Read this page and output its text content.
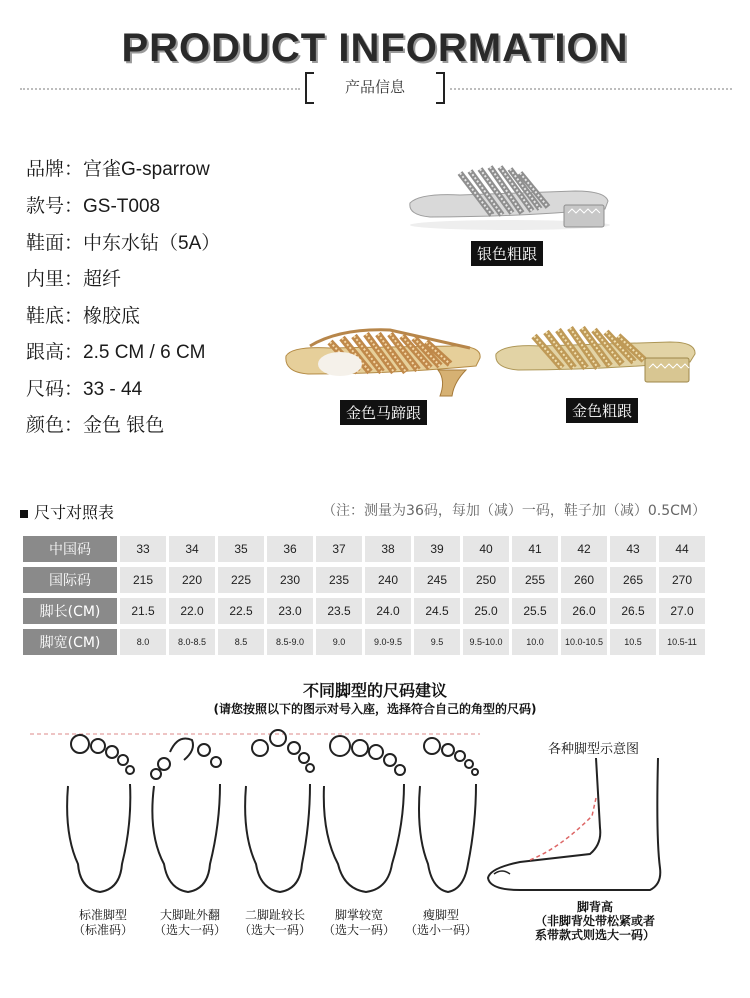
PRODUCT INFORMATION
产品信息
品牌：宫雀G-sparrow
款号：GS-T008
鞋面：中东水钻（5A）
内里：超纤
鞋底：橡胶底
跟高：2.5 CM / 6 CM
尺码：33 - 44
颜色：金色 银色
银色粗跟
金色马蹄跟	金色粗跟
尺寸对照表	（注：测量为36码，每加（减）一码，鞋子加（减）0.5CM）
中国码	33	34	35	36	37	38	39	40	41	42	43	44

国际码	215	220	225	230	235	240	245	250	255	260	265	270

脚长(CM)	21.5	22.0	22.5	23.0	23.5	24.0	24.5	25.0	25.5	26.0	26.5	27.0

脚宽(CM)	8.0	8.0-8.5	8.5	8.5-9.0	9.0	9.0-9.5	9.5	9.5-10.0	10.0	10.0-10.5	10.5	10.5-11
不同脚型的尺码建议
(请您按照以下的图示对号入座，选择符合自己的角型的尺码)
标准脚型
（标准码）
大脚趾外翻
（选大一码）
二脚趾较长
（选大一码）
脚掌较宽
（选大一码）
瘦脚型
（选小一码）
各种脚型示意图
脚背高
（非脚背处带松紧或者
系带款式则选大一码）
